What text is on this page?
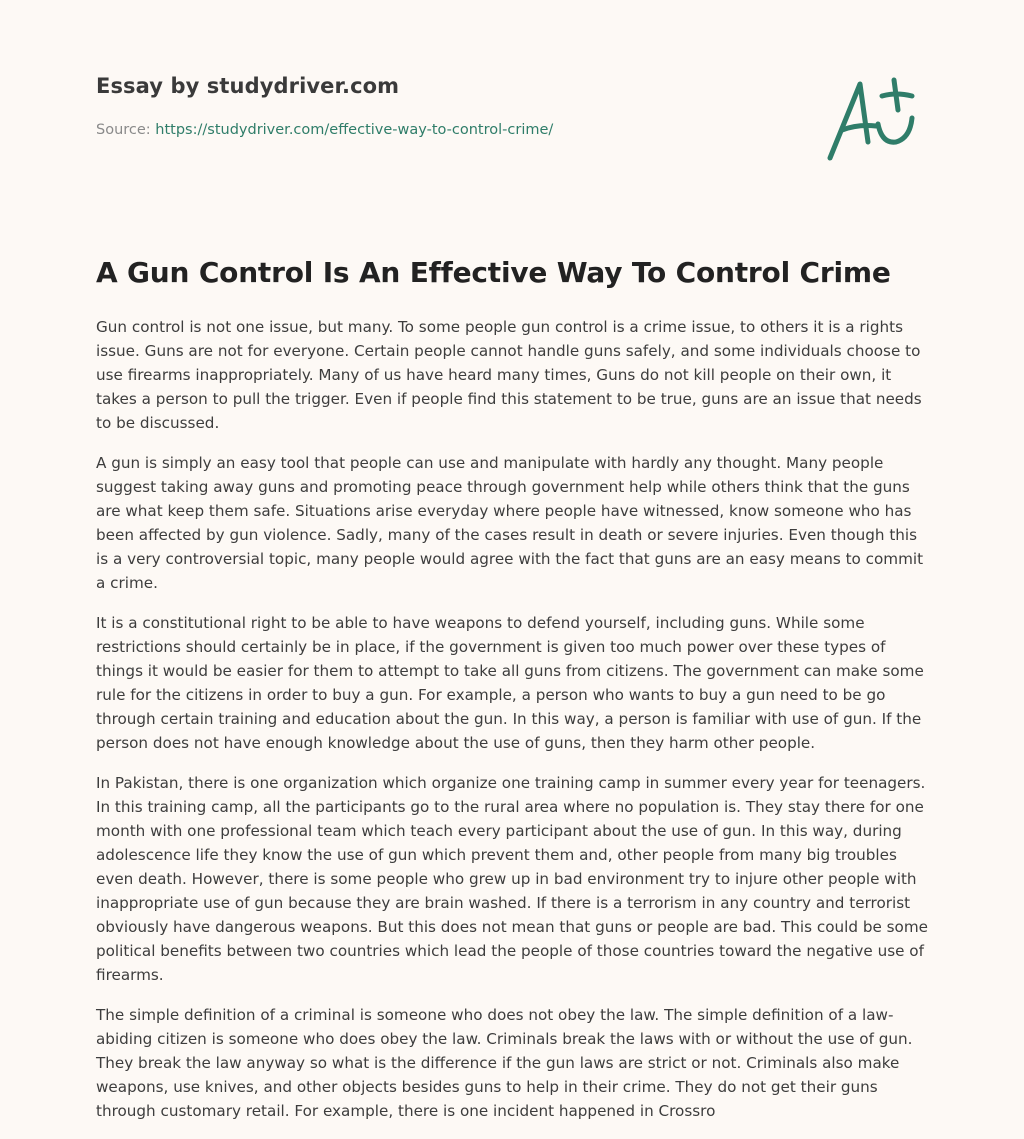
Essay by studydriver.com
Source: https://studydriver.com/effective-way-to-control-crime/
A Gun Control Is An Effective Way To Control Crime

Gun control is not one issue, but many. To some people gun control is a crime issue, to others it is a rights issue. Guns are not for everyone. Certain people cannot handle guns safely, and some individuals choose to use firearms inappropriately. Many of us have heard many times, Guns do not kill people on their own, it takes a person to pull the trigger. Even if people find this statement to be true, guns are an issue that needs to be discussed.

A gun is simply an easy tool that people can use and manipulate with hardly any thought. Many people suggest taking away guns and promoting peace through government help while others think that the guns are what keep them safe. Situations arise everyday where people have witnessed, know someone who has been affected by gun violence. Sadly, many of the cases result in death or severe injuries. Even though this is a very controversial topic, many people would agree with the fact that guns are an easy means to commit a crime.

It is a constitutional right to be able to have weapons to defend yourself, including guns. While some restrictions should certainly be in place, if the government is given too much power over these types of things it would be easier for them to attempt to take all guns from citizens. The government can make some rule for the citizens in order to buy a gun. For example, a person who wants to buy a gun need to be go through certain training and education about the gun. In this way, a person is familiar with use of gun. If the person does not have enough knowledge about the use of guns, then they harm other people.

In Pakistan, there is one organization which organize one training camp in summer every year for teenagers. In this training camp, all the participants go to the rural area where no population is. They stay there for one month with one professional team which teach every participant about the use of gun. In this way, during adolescence life they know the use of gun which prevent them and, other people from many big troubles even death. However, there is some people who grew up in bad environment try to injure other people with inappropriate use of gun because they are brain washed. If there is a terrorism in any country and terrorist obviously have dangerous weapons. But this does not mean that guns or people are bad. This could be some political benefits between two countries which lead the people of those countries toward the negative use of firearms.

The simple definition of a criminal is someone who does not obey the law. The simple definition of a law-abiding citizen is someone who does obey the law. Criminals break the laws with or without the use of gun. They break the law anyway so what is the difference if the gun laws are strict or not. Criminals also make weapons, use knives, and other objects besides guns to help in their crime. They do not get their guns through customary retail. For example, there is one incident happened in Crossro
